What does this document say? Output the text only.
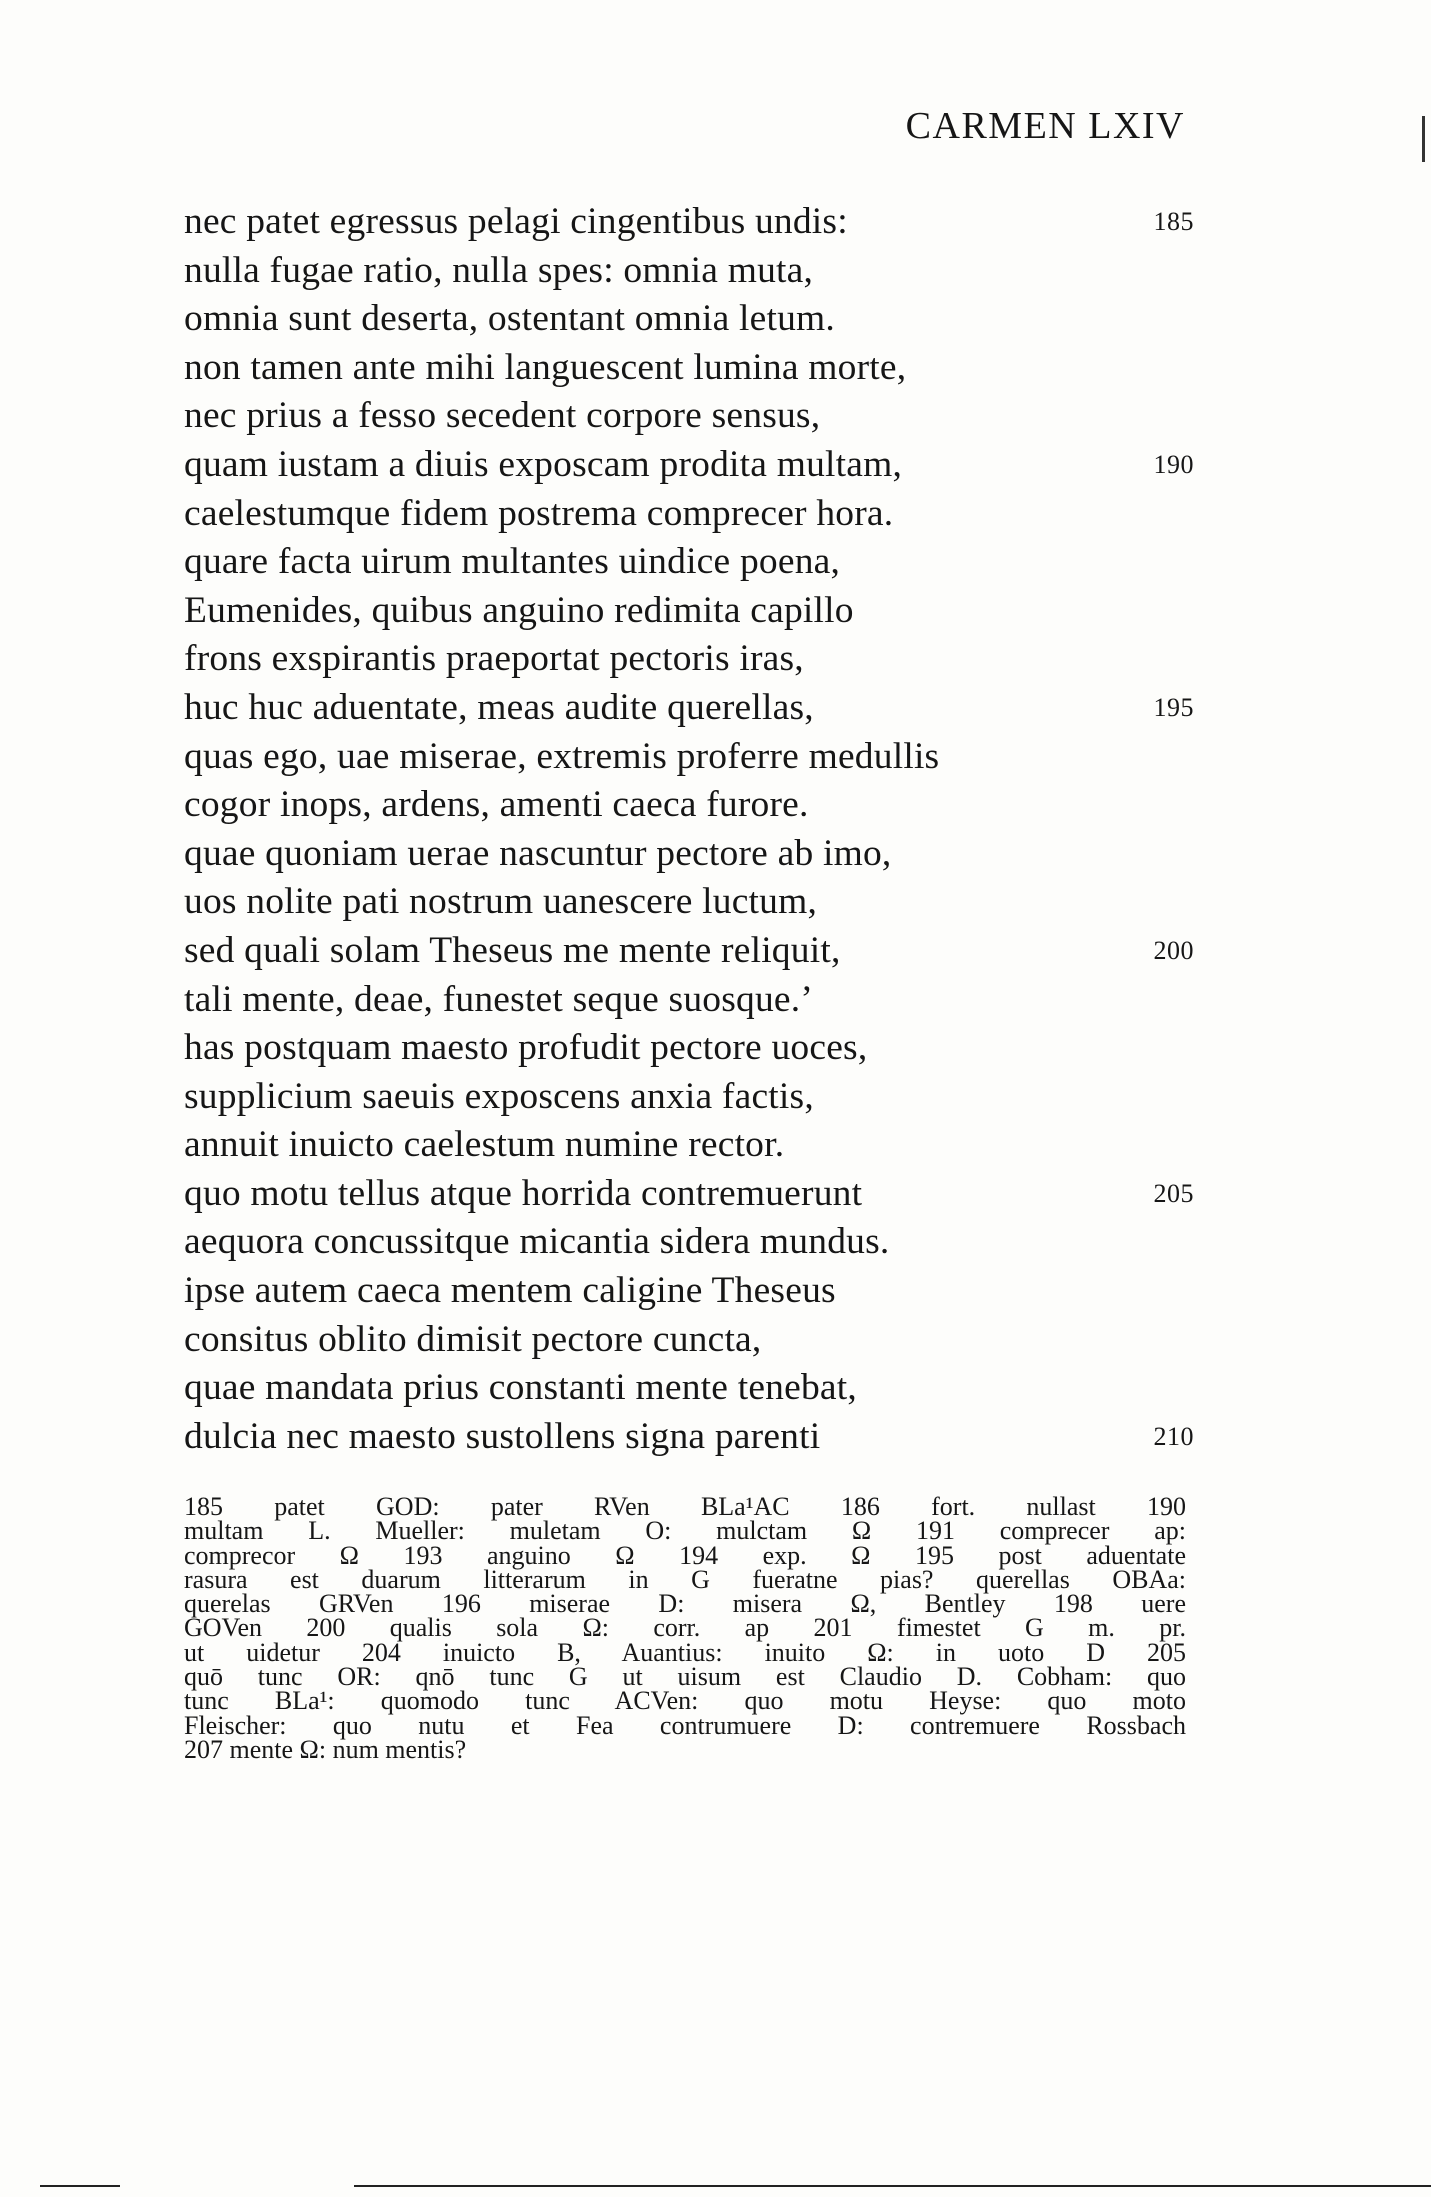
CARMEN LXIV
nec patet egressus pelagi cingentibus undis:	185
nulla fugae ratio, nulla spes: omnia muta,
omnia sunt deserta, ostentant omnia letum.
non tamen ante mihi languescent lumina morte,
nec prius a fesso secedent corpore sensus,
quam iustam a diuis exposcam prodita multam,	190
caelestumque fidem postrema comprecer hora.
quare facta uirum multantes uindice poena,
Eumenides, quibus anguino redimita capillo
frons exspirantis praeportat pectoris iras,
huc huc aduentate, meas audite querellas,	195
quas ego, uae miserae, extremis proferre medullis
cogor inops, ardens, amenti caeca furore.
quae quoniam uerae nascuntur pectore ab imo,
uos nolite pati nostrum uanescere luctum,
sed quali solam Theseus me mente reliquit,	200
tali mente, deae, funestet seque suosque.’
has postquam maesto profudit pectore uoces,
supplicium saeuis exposcens anxia factis,
annuit inuicto caelestum numine rector.
quo motu tellus atque horrida contremuerunt	205
aequora concussitque micantia sidera mundus.
ipse autem caeca mentem caligine Theseus
consitus oblito dimisit pectore cuncta,
quae mandata prius constanti mente tenebat,
dulcia nec maesto sustollens signa parenti	210
185 patet GOD: pater RVen BLa¹AC 186 fort. nullast 190
multam L. Mueller: muletam O: mulctam Ω 191 comprecer ap:
comprecor Ω 193 anguino Ω 194 exp. Ω 195 post aduentate
rasura est duarum litterarum in G fueratne pias? querellas OBAa:
querelas GRVen 196 miserae D: misera Ω, Bentley 198 uere
GOVen 200 qualis sola Ω: corr. ap 201 fimestet G m. pr.
ut uidetur 204 inuicto B, Auantius: inuito Ω: in uoto D 205
quō tunc OR: qnō tunc G ut uisum est Claudio D. Cobham: quo
tunc BLa¹: quomodo tunc ACVen: quo motu Heyse: quo moto
Fleischer: quo nutu et Fea contrumuere D: contremuere Rossbach
207 mente Ω: num mentis?
